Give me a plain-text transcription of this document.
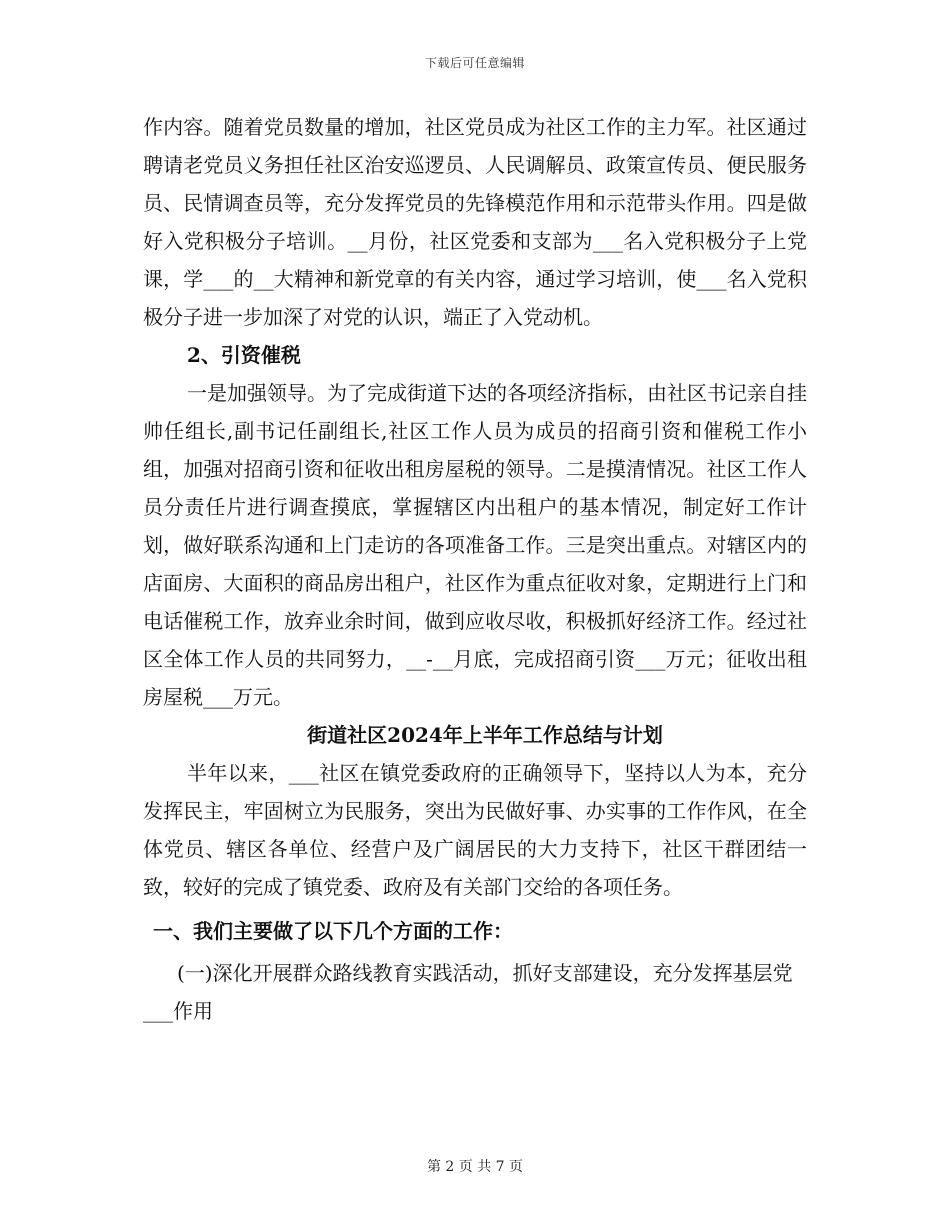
下载后可任意编辑

作内容。随着党员数量的增加，社区党员成为社区工作的主力军。社区通过聘请老党员义务担任社区治安巡逻员、人民调解员、政策宣传员、便民服务员、民情调查员等，充分发挥党员的先锋模范作用和示范带头作用。四是做好入党积极分子培训。__月份，社区党委和支部为___名入党积极分子上党课，学___的__大精神和新党章的有关内容，通过学习培训，使___名入党积极分子进一步加深了对党的认识，端正了入党动机。

2、引资催税

一是加强领导。为了完成街道下达的各项经济指标，由社区书记亲自挂帅任组长,副书记任副组长,社区工作人员为成员的招商引资和催税工作小组，加强对招商引资和征收出租房屋税的领导。二是摸清情况。社区工作人员分责任片进行调查摸底，掌握辖区内出租户的基本情况，制定好工作计划，做好联系沟通和上门走访的各项准备工作。三是突出重点。对辖区内的店面房、大面积的商品房出租户，社区作为重点征收对象，定期进行上门和电话催税工作，放弃业余时间，做到应收尽收，积极抓好经济工作。经过社区全体工作人员的共同努力，__-__月底，完成招商引资___万元；征收出租房屋税___万元。

街道社区2024年上半年工作总结与计划

半年以来，___社区在镇党委政府的正确领导下，坚持以人为本，充分发挥民主，牢固树立为民服务，突出为民做好事、办实事的工作作风，在全体党员、辖区各单位、经营户及广阔居民的大力支持下，社区干群团结一致，较好的完成了镇党委、政府及有关部门交给的各项任务。

一、我们主要做了以下几个方面的工作：

(一)深化开展群众路线教育实践活动，抓好支部建设，充分发挥基层党___作用

第 2 页 共 7 页
